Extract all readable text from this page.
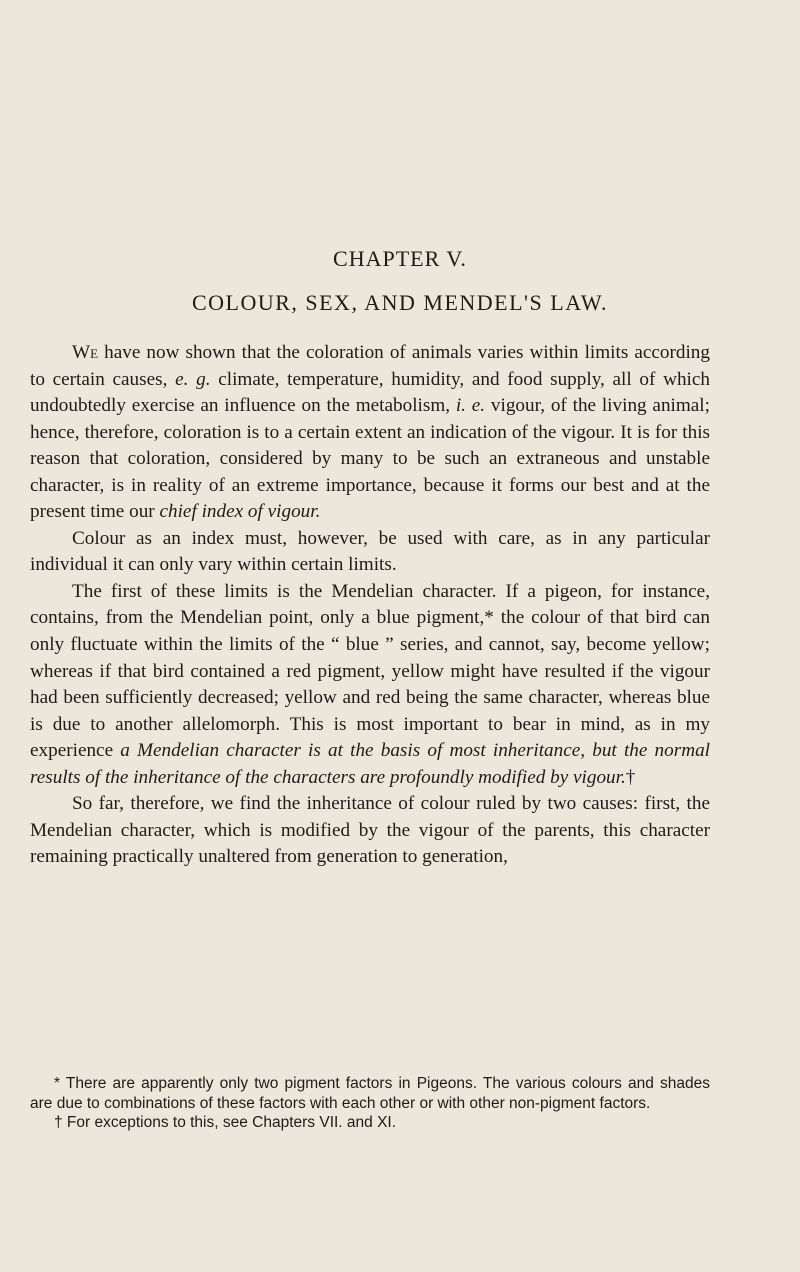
CHAPTER V.
COLOUR, SEX, AND MENDEL'S LAW.

We have now shown that the coloration of animals varies within limits according to certain causes, e. g. climate, temperature, humidity, and food supply, all of which undoubtedly exercise an influence on the metabolism, i. e. vigour, of the living animal; hence, therefore, coloration is to a certain extent an indication of the vigour. It is for this reason that coloration, considered by many to be such an extraneous and unstable character, is in reality of an extreme importance, because it forms our best and at the present time our chief index of vigour.

Colour as an index must, however, be used with care, as in any particular individual it can only vary within certain limits.

The first of these limits is the Mendelian character. If a pigeon, for instance, contains, from the Mendelian point, only a blue pigment,* the colour of that bird can only fluctuate within the limits of the “ blue ” series, and cannot, say, become yellow; whereas if that bird contained a red pigment, yellow might have resulted if the vigour had been sufficiently decreased; yellow and red being the same character, whereas blue is due to another allelomorph. This is most important to bear in mind, as in my experience a Mendelian character is at the basis of most inheritance, but the normal results of the inheritance of the characters are profoundly modified by vigour.†

So far, therefore, we find the inheritance of colour ruled by two causes: first, the Mendelian character, which is modified by the vigour of the parents, this character remaining practically unaltered from generation to generation,

* There are apparently only two pigment factors in Pigeons. The various colours and shades are due to combinations of these factors with each other or with other non-pigment factors.

† For exceptions to this, see Chapters VII. and XI.
